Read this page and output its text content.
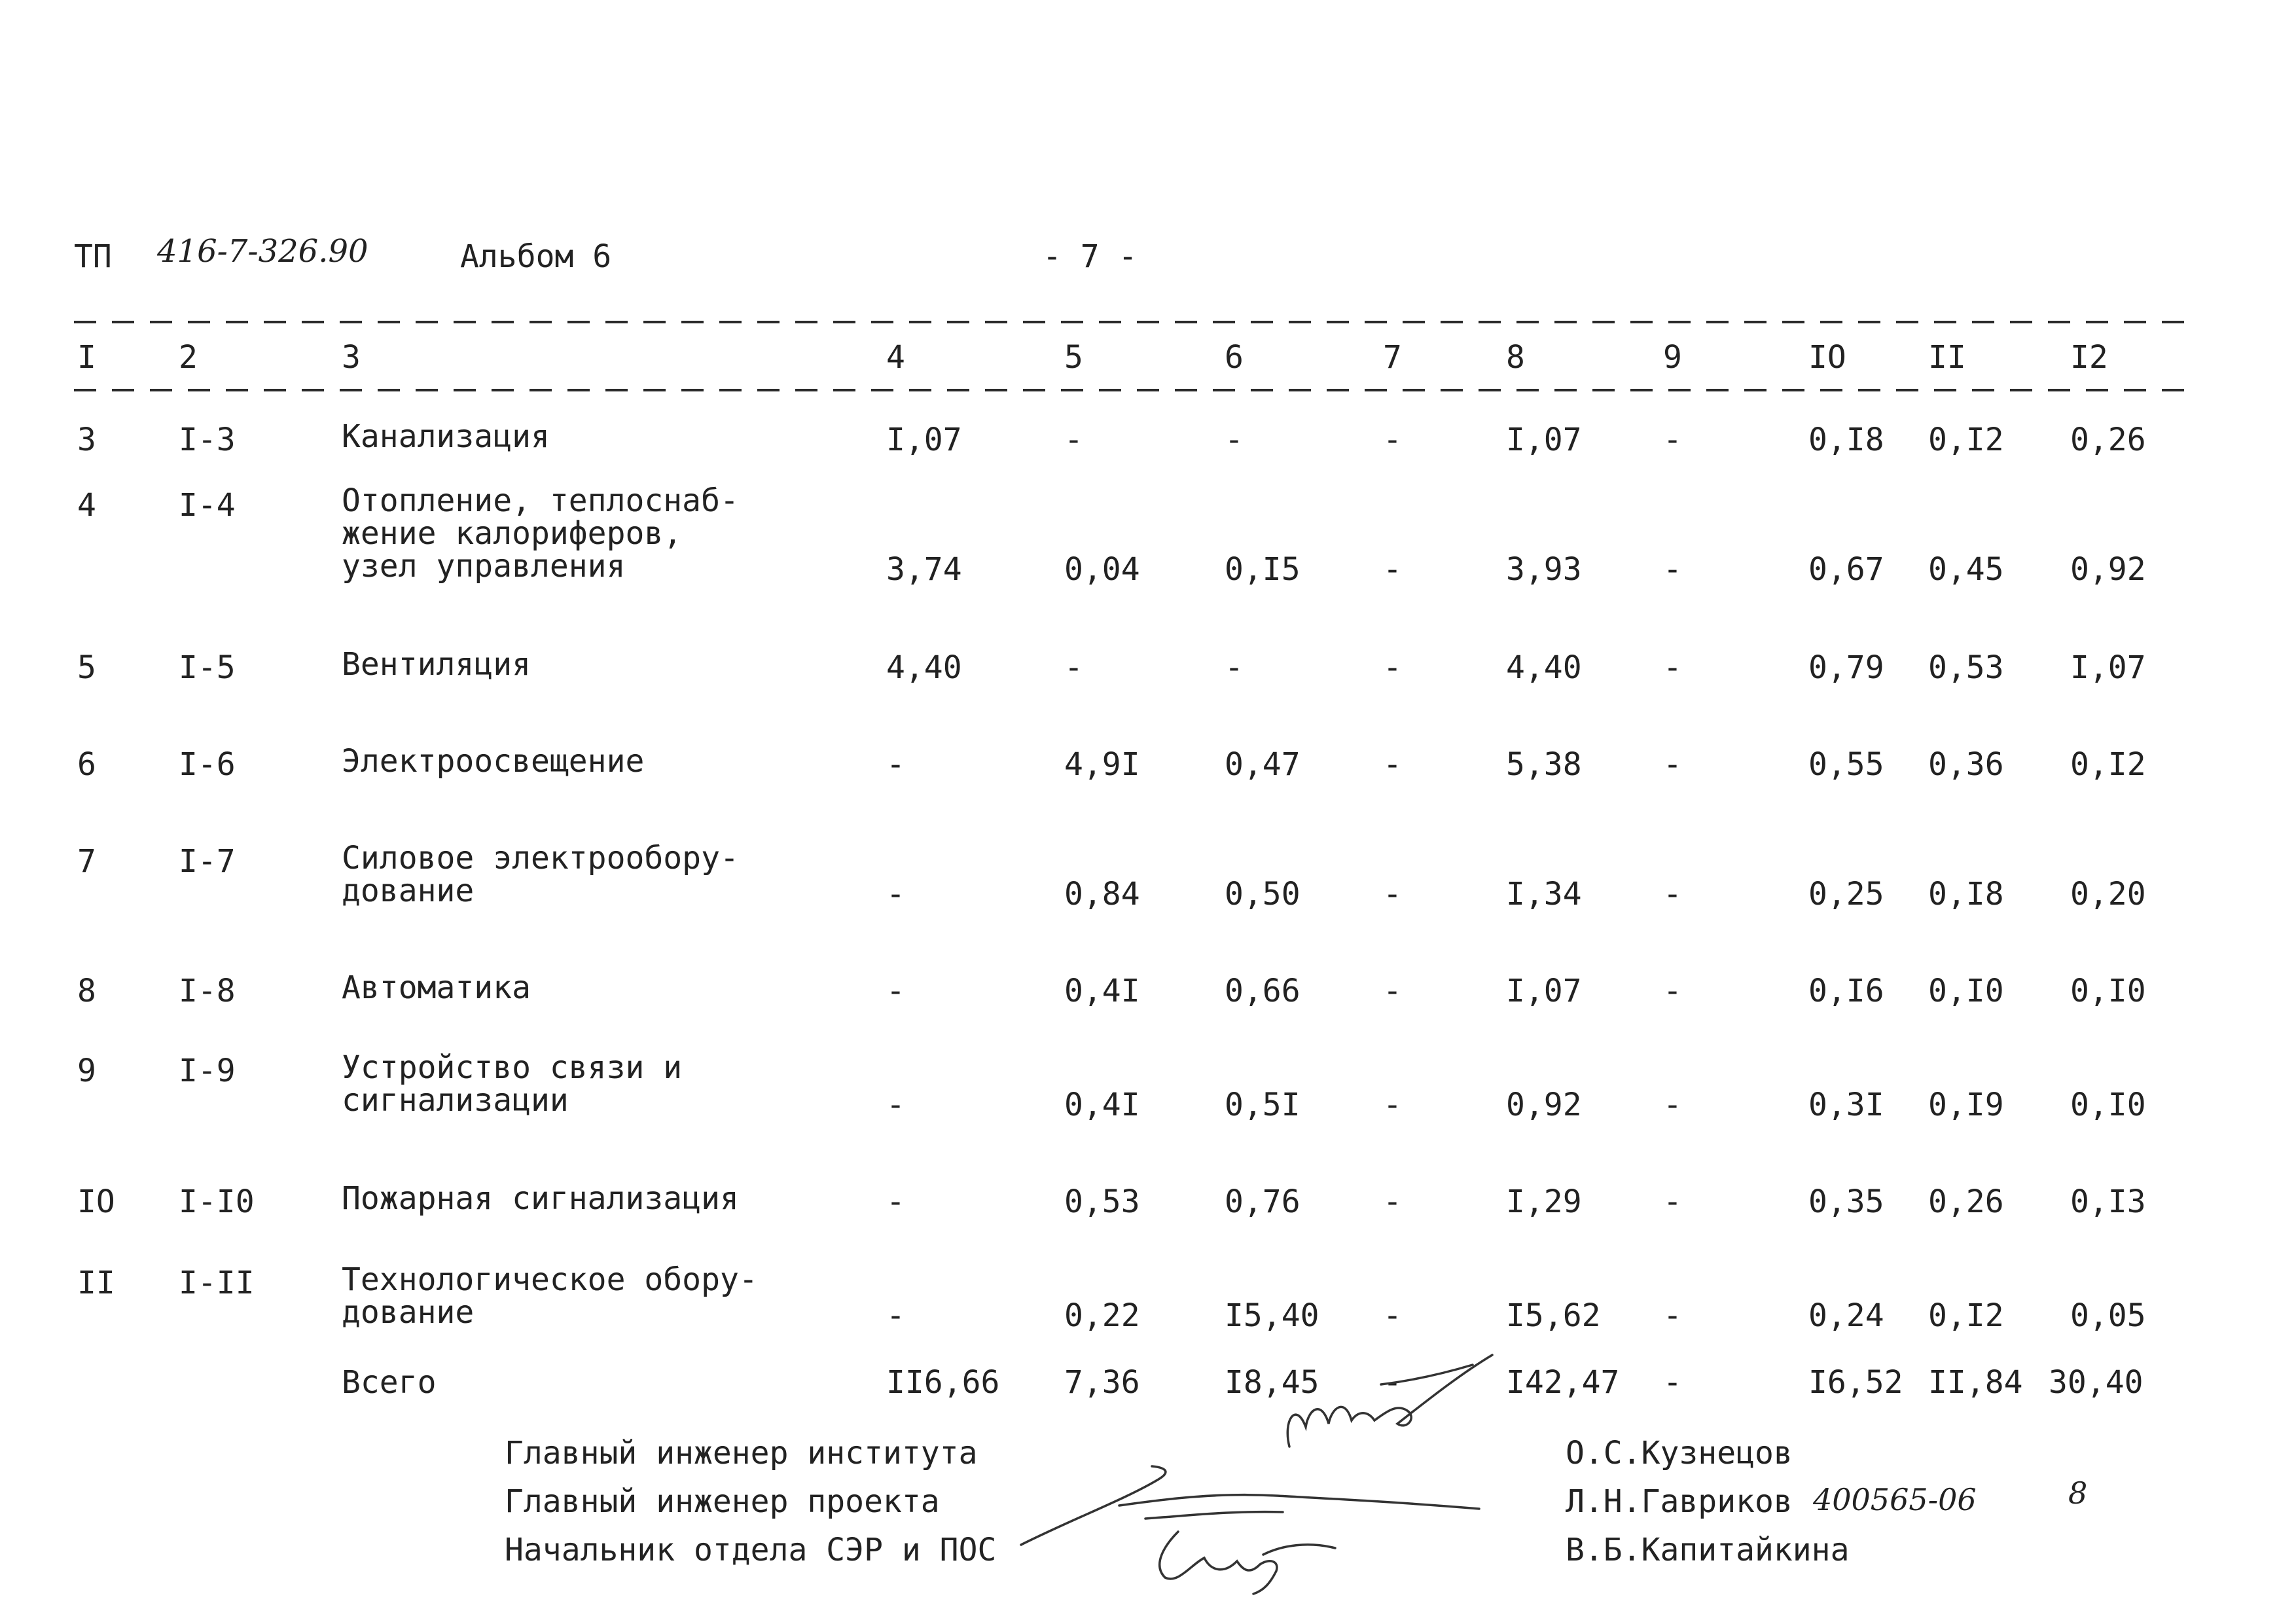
ТП 416-7-326.90	Альбом 6	- 7 -
I	2	3	4	5	6	7	8	9	IO	II	I2
3	I-3	Канализация	I,07	-	-	-	I,07	-	0,I8 0,I2 0,26
4	I-4	Отопление, теплоснаб-
жение калориферов,
узел управления	3,74	0,04	0,I5	-	3,93	-	0,67 0,45 0,92
5	I-5	Вентиляция	4,40	-	-	-	4,40	-	0,79 0,53 I,07
6	I-6	Электроосвещение	-	4,9I	0,47	-	5,38	-	0,55 0,36 0,I2
7	I-7	Силовое электрообору-
дование	-	0,84	0,50	-	I,34	-	0,25 0,I8 0,20
8	I-8	Автоматика	-	0,4I	0,66	-	I,07	-	0,I6 0,I0 0,I0
9	I-9	Устройство связи и
сигнализации	-	0,4I	0,5I	-	0,92	-	0,3I 0,I9 0,I0
IO I-I0	Пожарная сигнализация	-	0,53	0,76	-	I,29	-	0,35 0,26 0,I3
II I-II	Технологическое обору-
дование	-	0,22	I5,40 -	I5,62 -	0,24 0,I2 0,05
Всего	II6,66 7,36	I8,45 -	I42,47 -	I6,52 II,84 30,40
Главный инженер института
Главный инженер проекта
Начальник отдела СЭР и ПОС
О.С.Кузнецов
Л.Н.Гавриков
В.Б.Капитайкина
400565-06	8
